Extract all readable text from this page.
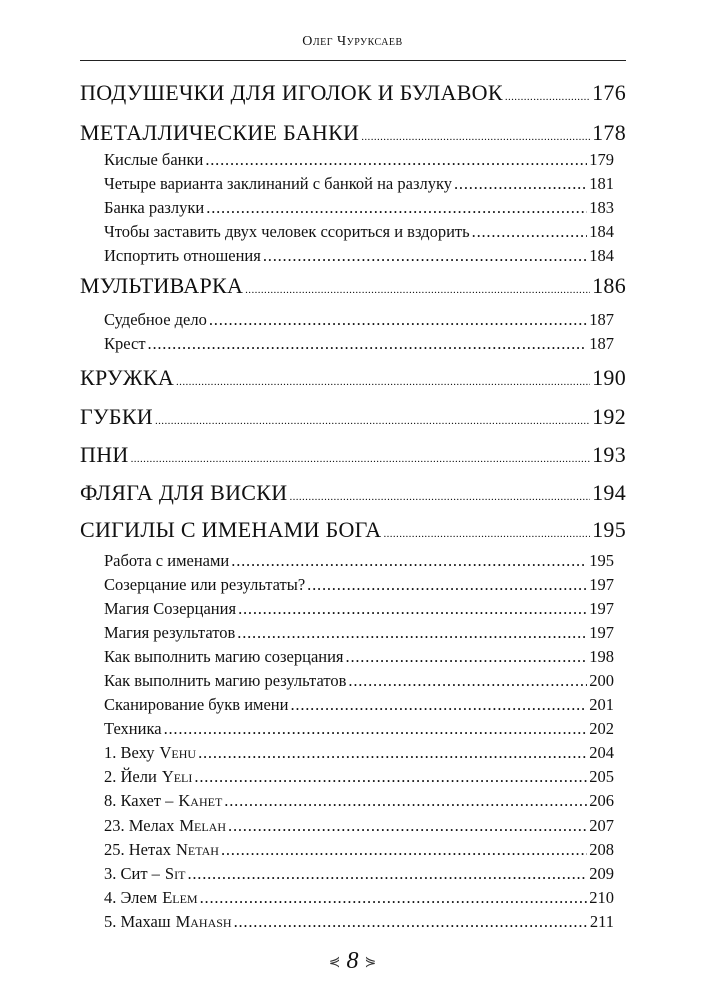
Олег Чуруксаев
ПОДУШЕЧКИ ДЛЯ ИГОЛОК И БУЛАВОК .....	176
МЕТАЛЛИЧЕСКИЕ БАНКИ .....	178
Кислые банки .....	179
Четыре варианта заклинаний с банкой на разлуку .....	181
Банка разлуки .....	183
Чтобы заставить двух человек ссориться и вздорить .....	184
Испортить отношения .....	184
МУЛЬТИВАРКА .....	186
Судебное дело .....	187
Крест .....	187
КРУЖКА .....	190
ГУБКИ .....	192
ПНИ .....	193
ФЛЯГА ДЛЯ ВИСКИ .....	194
СИГИЛЫ С ИМЕНАМИ БОГА .....	195
Работа с именами .....	195
Созерцание или результаты? .....	197
Магия Созерцания .....	197
Магия результатов .....	197
Как выполнить магию созерцания .....	198
Как выполнить магию результатов .....	200
Сканирование букв имени .....	201
Техника .....	202
1. Веху Vehu .....	204
2. Йели Yeli .....	205
8. Кахет – Kahet .....	206
23. Мелах Melah .....	207
25. Нетах Netah .....	208
3. Сит – Sit .....	209
4. Элем Elem .....	210
5. Махаш Mahash .....	211
⋞ 8 ⋟
